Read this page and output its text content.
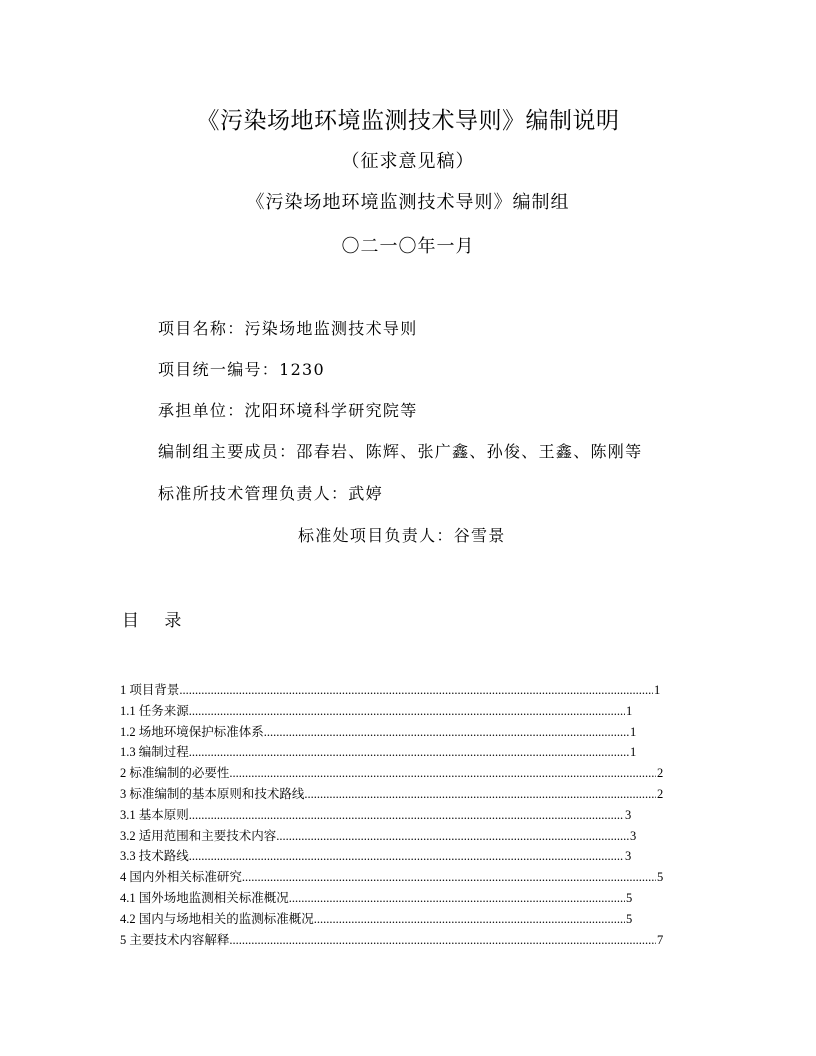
《污染场地环境监测技术导则》编制说明
（征求意见稿）
《污染场地环境监测技术导则》编制组
〇二一〇年一月
项目名称：污染场地监测技术导则
项目统一编号：1230
承担单位：沈阳环境科学研究院等
编制组主要成员：邵春岩、陈辉、张广鑫、孙俊、王鑫、陈刚等
标准所技术管理负责人：武婷
标准处项目负责人：谷雪景
目 录
1 项目背景 .....	1
1.1 任务来源 .....	1
1.2 场地环境保护标准体系 .....	1
1.3 编制过程 .....	1
2 标准编制的必要性 .....	2
3 标准编制的基本原则和技术路线 .....	2
3.1 基本原则 .....	3
3.2 适用范围和主要技术内容 .....	3
3.3 技术路线 .....	3
4 国内外相关标准研究 .....	5
4.1 国外场地监测相关标准概况 .....	5
4.2 国内与场地相关的监测标准概况 .....	5
5 主要技术内容解释 .....	7
